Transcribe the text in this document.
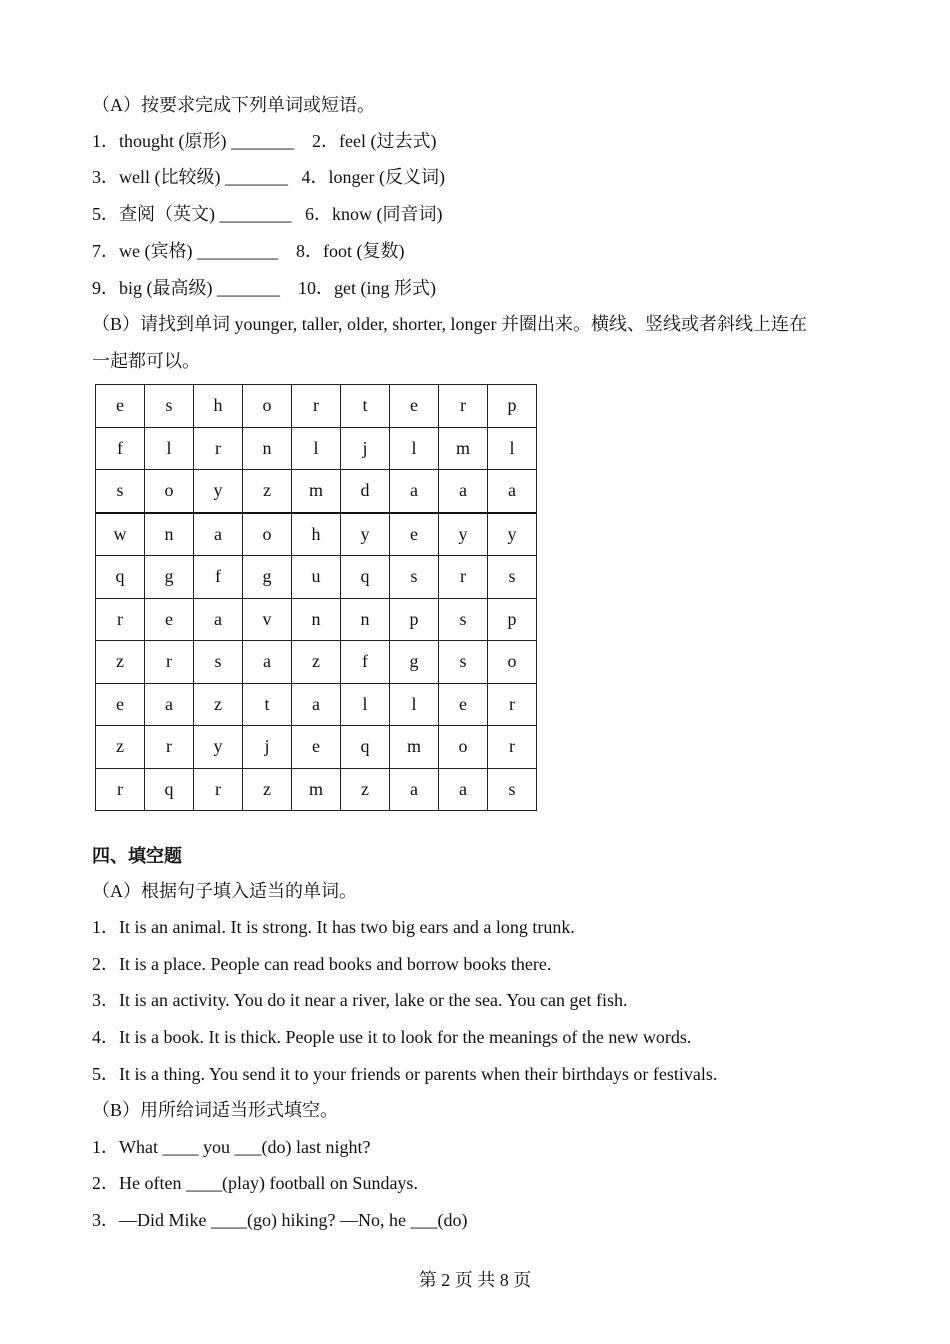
（A）按要求完成下列单词或短语。
1．thought (原形) _______    2．feel (过去式)
3．well (比较级) _______   4．longer (反义词)
5．查阅（英文) ________   6．know (同音词)
7．we (宾格) _________    8．foot (复数)
9．big (最高级) _______    10．get (ing 形式)
（B）请找到单词 younger, taller, older, shorter, longer 并圈出来。横线、竖线或者斜线上连在
一起都可以。
e	s	h	o	r	t	e	r	p
f	l	r	n	l	j	l	m	l
s	o	y	z	m	d	a	a	a
w	n	a	o	h	y	e	y	y
q	g	f	g	u	q	s	r	s
r	e	a	v	n	n	p	s	p
z	r	s	a	z	f	g	s	o
e	a	z	t	a	l	l	e	r
z	r	y	j	e	q	m	o	r
r	q	r	z	m	z	a	a	s
四、填空题
（A）根据句子填入适当的单词。
1．It is an animal. It is strong. It has two big ears and a long trunk.
2．It is a place. People can read books and borrow books there.
3．It is an activity. You do it near a river, lake or the sea. You can get fish.
4．It is a book. It is thick. People use it to look for the meanings of the new words.
5．It is a thing. You send it to your friends or parents when their birthdays or festivals.
（B）用所给词适当形式填空。
1．What ____ you ___(do) last night?
2．He often ____(play) football on Sundays.
3．—Did Mike ____(go) hiking? —No, he ___(do)
第 2 页 共 8 页
